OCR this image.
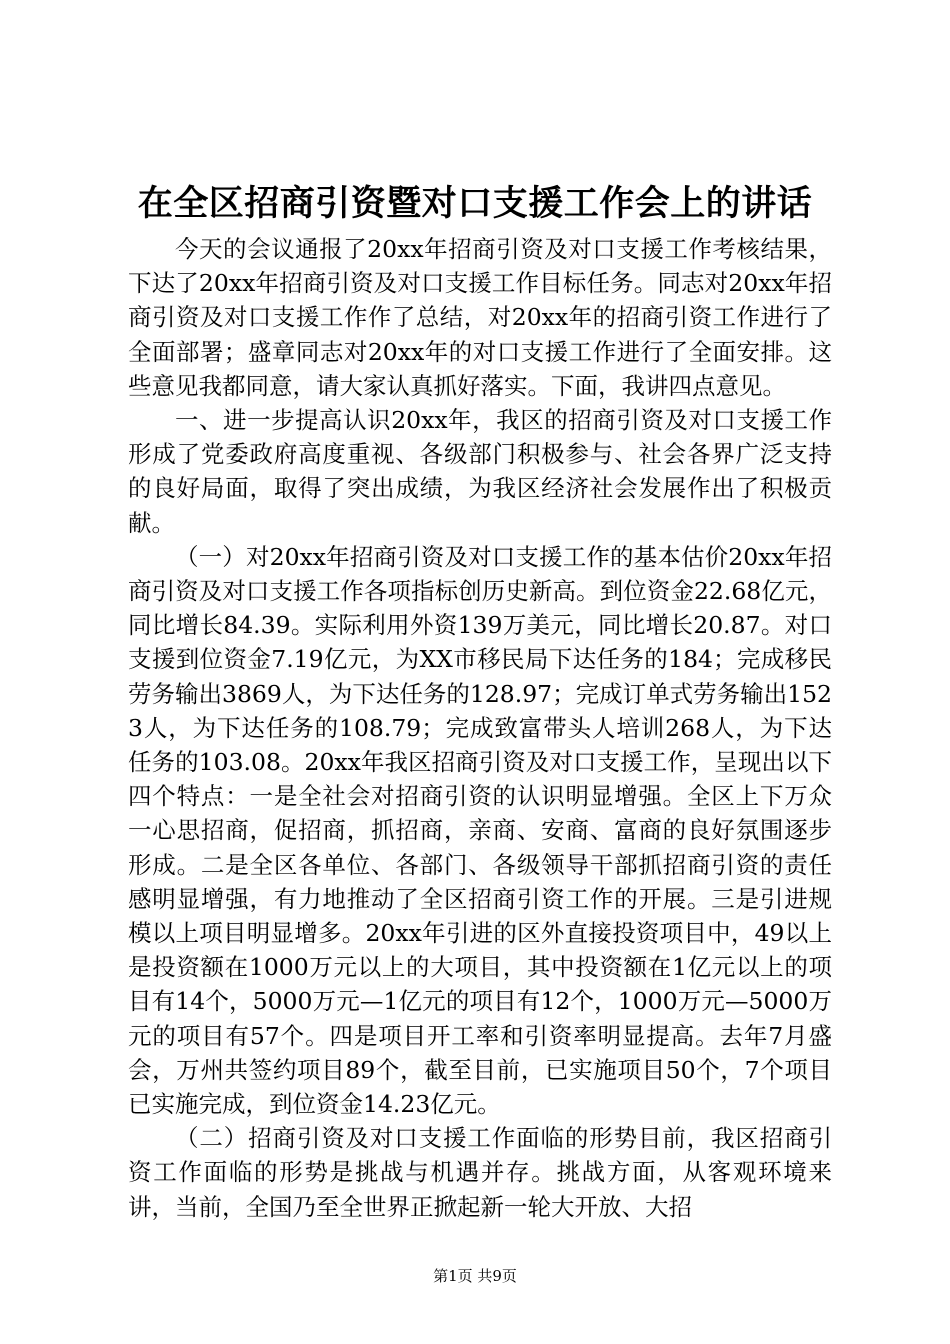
在全区招商引资暨对口支援工作会上的讲话

今天的会议通报了20xx年招商引资及对口支援工作考核结果，下达了20xx年招商引资及对口支援工作目标任务。同志对20xx年招商引资及对口支援工作作了总结，对20xx年的招商引资工作进行了全面部署；盛章同志对20xx年的对口支援工作进行了全面安排。这些意见我都同意，请大家认真抓好落实。下面，我讲四点意见。

一、进一步提高认识20xx年，我区的招商引资及对口支援工作形成了党委政府高度重视、各级部门积极参与、社会各界广泛支持的良好局面，取得了突出成绩，为我区经济社会发展作出了积极贡献。

（一）对20xx年招商引资及对口支援工作的基本估价20xx年招商引资及对口支援工作各项指标创历史新高。到位资金22.68亿元，同比增长84.39。实际利用外资139万美元，同比增长20.87。对口支援到位资金7.19亿元，为XX市移民局下达任务的184；完成移民劳务输出3869人，为下达任务的128.97；完成订单式劳务输出1523人，为下达任务的108.79；完成致富带头人培训268人，为下达任务的103.08。20xx年我区招商引资及对口支援工作，呈现出以下四个特点：一是全社会对招商引资的认识明显增强。全区上下万众一心思招商，促招商，抓招商，亲商、安商、富商的良好氛围逐步形成。二是全区各单位、各部门、各级领导干部抓招商引资的责任感明显增强，有力地推动了全区招商引资工作的开展。三是引进规模以上项目明显增多。20xx年引进的区外直接投资项目中，49以上是投资额在1000万元以上的大项目，其中投资额在1亿元以上的项目有14个，5000万元—1亿元的项目有12个，1000万元—5000万元的项目有57个。四是项目开工率和引资率明显提高。去年7月盛会，万州共签约项目89个，截至目前，已实施项目50个，7个项目已实施完成，到位资金14.23亿元。

（二）招商引资及对口支援工作面临的形势目前，我区招商引资工作面临的形势是挑战与机遇并存。挑战方面，从客观环境来讲，当前，全国乃至全世界正掀起新一轮大开放、大招

第1页 共9页
